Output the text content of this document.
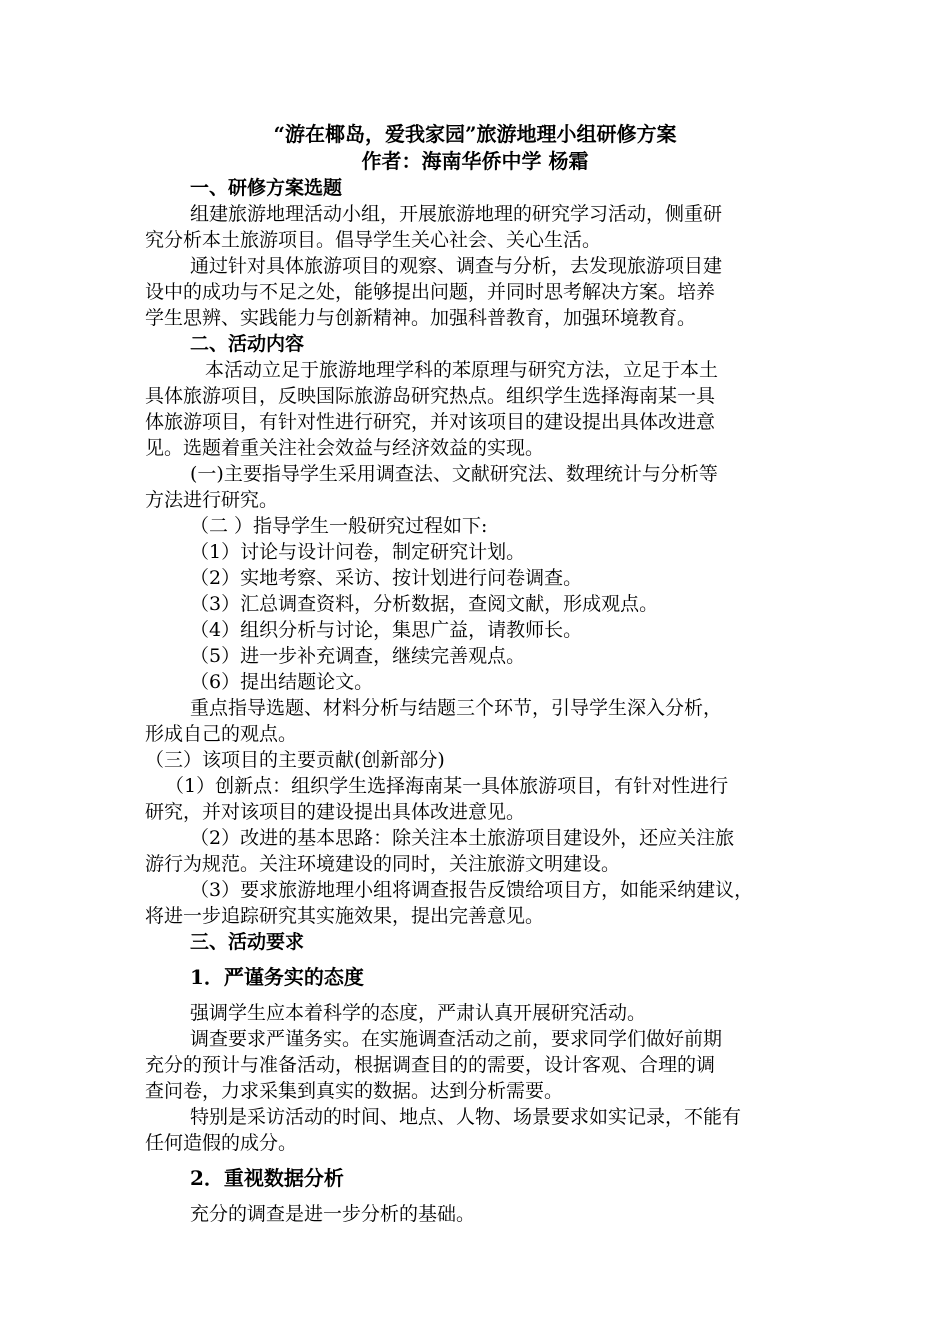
“游在椰岛，爱我家园”旅游地理小组研修方案
作者：海南华侨中学 杨霜
一、研修方案选题
组建旅游地理活动小组，开展旅游地理的研究学习活动，侧重研
究分析本土旅游项目。倡导学生关心社会、关心生活。
通过针对具体旅游项目的观察、调查与分析，去发现旅游项目建
设中的成功与不足之处，能够提出问题，并同时思考解决方案。培养
学生思辨、实践能力与创新精神。加强科普教育，加强环境教育。
二、活动内容
本活动立足于旅游地理学科的苯原理与研究方法，立足于本土
具体旅游项目，反映国际旅游岛研究热点。组织学生选择海南某一具
体旅游项目，有针对性进行研究，并对该项目的建设提出具体改进意
见。选题着重关注社会效益与经济效益的实现。
(一)主要指导学生采用调查法、文献研究法、数理统计与分析等
方法进行研究。
（二 ）指导学生一般研究过程如下:
（1）讨论与设计问卷，制定研究计划。
（2）实地考察、采访、按计划进行问卷调查。
（3）汇总调查资料，分析数据，查阅文献，形成观点。
（4）组织分析与讨论，集思广益，请教师长。
（5）进一步补充调查，继续完善观点。
（6）提出结题论文。
重点指导选题、材料分析与结题三个环节，引导学生深入分析，
形成自己的观点。
（三）该项目的主要贡献(创新部分)
（1）创新点：组织学生选择海南某一具体旅游项目，有针对性进行
研究，并对该项目的建设提出具体改进意见。
（2）改进的基本思路：除关注本土旅游项目建设外，还应关注旅
游行为规范。关注环境建设的同时，关注旅游文明建设。
（3）要求旅游地理小组将调查报告反馈给项目方，如能采纳建议，
将进一步追踪研究其实施效果，提出完善意见。
三、活动要求
1．严谨务实的态度
强调学生应本着科学的态度，严肃认真开展研究活动。
调查要求严谨务实。在实施调查活动之前，要求同学们做好前期
充分的预计与准备活动，根据调查目的的需要，设计客观、合理的调
查问卷，力求采集到真实的数据。达到分析需要。
特别是采访活动的时间、地点、人物、场景要求如实记录，不能有
任何造假的成分。
2．重视数据分析
充分的调查是进一步分析的基础。
